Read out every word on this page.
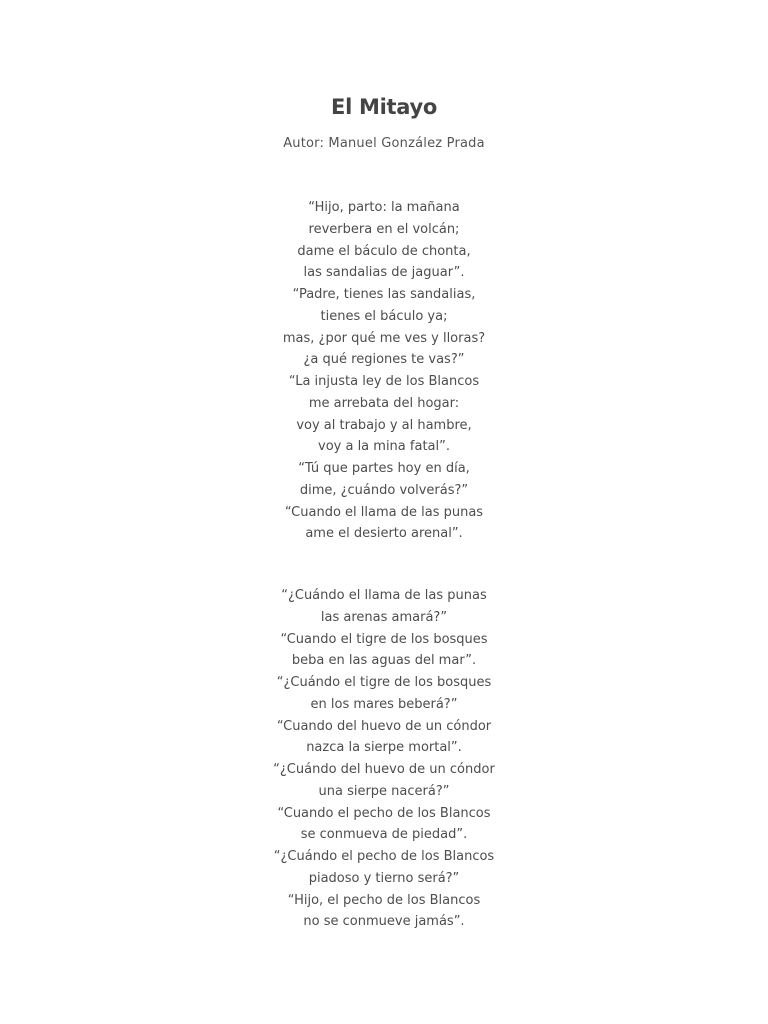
El Mitayo
Autor: Manuel González Prada
“Hijo, parto: la mañana
reverbera en el volcán;
dame el báculo de chonta,
las sandalias de jaguar”.
“Padre, tienes las sandalias,
tienes el báculo ya;
mas, ¿por qué me ves y lloras?
¿a qué regiones te vas?”
“La injusta ley de los Blancos
me arrebata del hogar:
voy al trabajo y al hambre,
voy a la mina fatal”.
“Tú que partes hoy en día,
dime, ¿cuándo volverás?”
“Cuando el llama de las punas
ame el desierto arenal”.
“¿Cuándo el llama de las punas
las arenas amará?”
“Cuando el tigre de los bosques
beba en las aguas del mar”.
“¿Cuándo el tigre de los bosques
en los mares beberá?”
“Cuando del huevo de un cóndor
nazca la sierpe mortal”.
“¿Cuándo del huevo de un cóndor
una sierpe nacerá?”
“Cuando el pecho de los Blancos
se conmueva de piedad”.
“¿Cuándo el pecho de los Blancos
piadoso y tierno será?”
“Hijo, el pecho de los Blancos
no se conmueve jamás”.
